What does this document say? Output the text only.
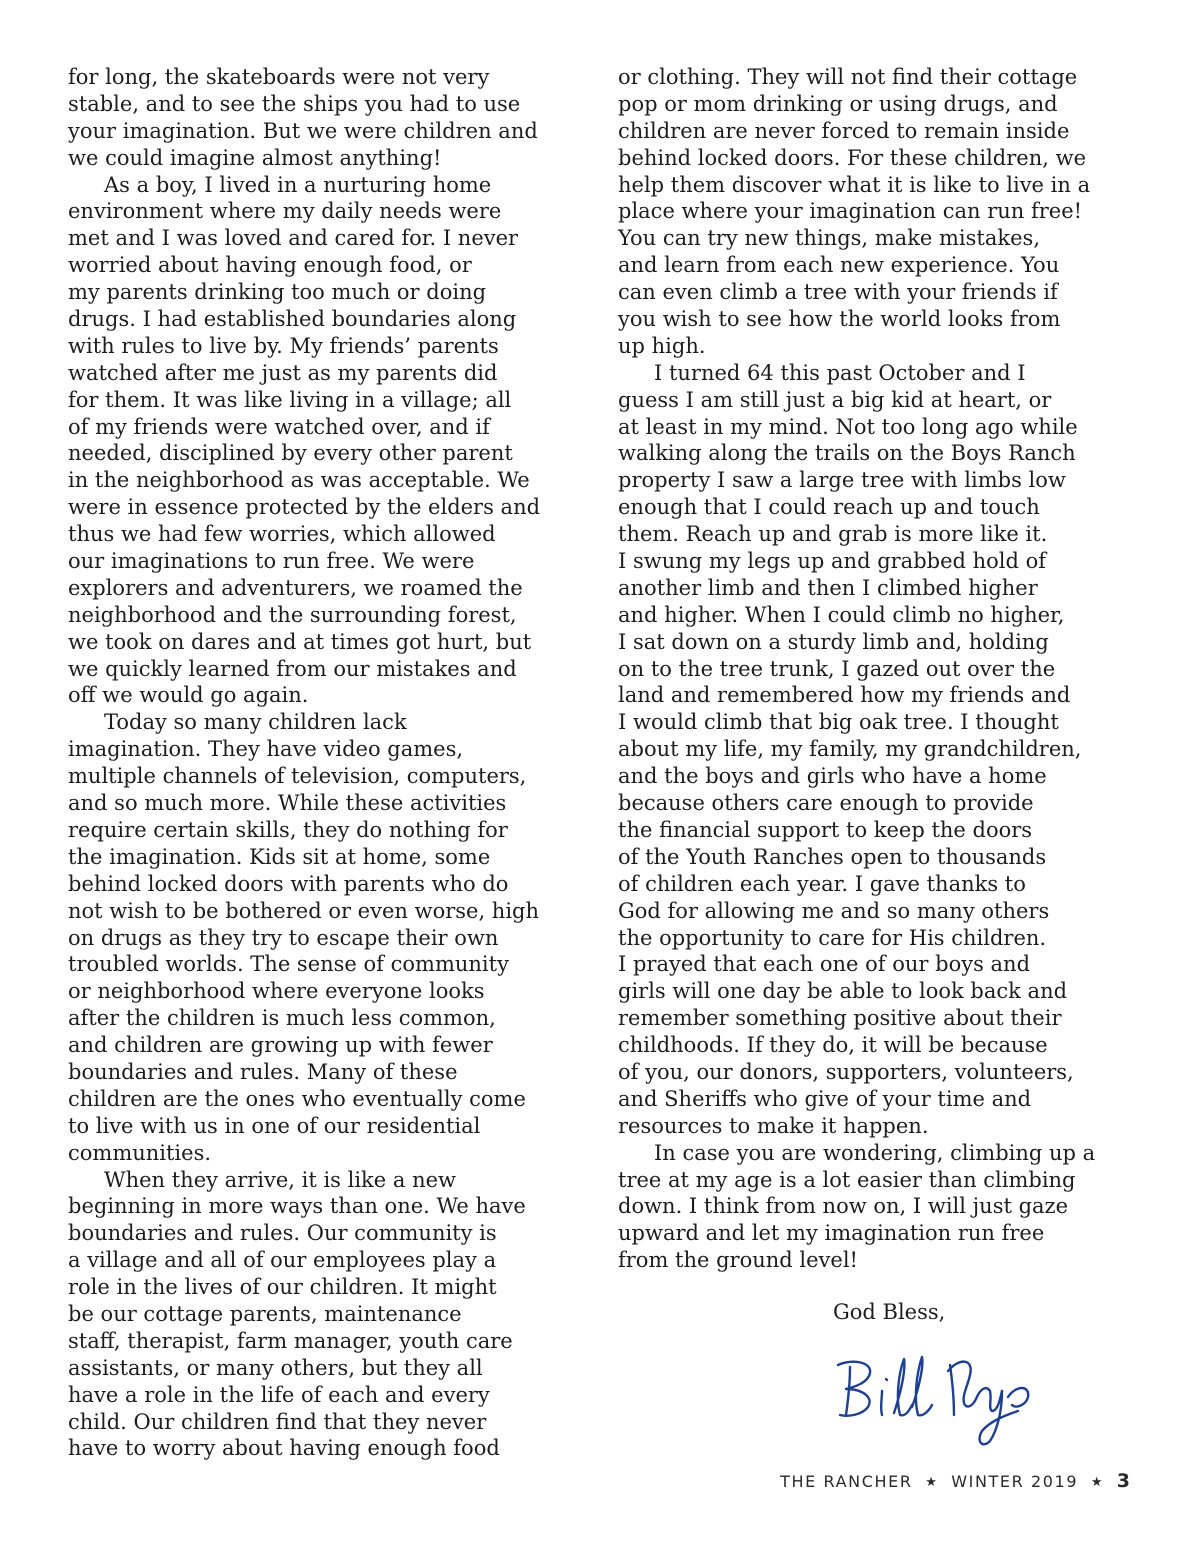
for long, the skateboards were not very
stable, and to see the ships you had to use
your imagination. But we were children and
we could imagine almost anything!
As a boy, I lived in a nurturing home
environment where my daily needs were
met and I was loved and cared for. I never
worried about having enough food, or
my parents drinking too much or doing
drugs. I had established boundaries along
with rules to live by. My friends’ parents
watched after me just as my parents did
for them. It was like living in a village; all
of my friends were watched over, and if
needed, disciplined by every other parent
in the neighborhood as was acceptable. We
were in essence protected by the elders and
thus we had few worries, which allowed
our imaginations to run free. We were
explorers and adventurers, we roamed the
neighborhood and the surrounding forest,
we took on dares and at times got hurt, but
we quickly learned from our mistakes and
off we would go again.
Today so many children lack
imagination. They have video games,
multiple channels of television, computers,
and so much more. While these activities
require certain skills, they do nothing for
the imagination. Kids sit at home, some
behind locked doors with parents who do
not wish to be bothered or even worse, high
on drugs as they try to escape their own
troubled worlds. The sense of community
or neighborhood where everyone looks
after the children is much less common,
and children are growing up with fewer
boundaries and rules. Many of these
children are the ones who eventually come
to live with us in one of our residential
communities.
When they arrive, it is like a new
beginning in more ways than one. We have
boundaries and rules. Our community is
a village and all of our employees play a
role in the lives of our children. It might
be our cottage parents, maintenance
staff, therapist, farm manager, youth care
assistants, or many others, but they all
have a role in the life of each and every
child. Our children find that they never
have to worry about having enough food
or clothing. They will not find their cottage
pop or mom drinking or using drugs, and
children are never forced to remain inside
behind locked doors. For these children, we
help them discover what it is like to live in a
place where your imagination can run free!
You can try new things, make mistakes,
and learn from each new experience. You
can even climb a tree with your friends if
you wish to see how the world looks from
up high.
I turned 64 this past October and I
guess I am still just a big kid at heart, or
at least in my mind. Not too long ago while
walking along the trails on the Boys Ranch
property I saw a large tree with limbs low
enough that I could reach up and touch
them. Reach up and grab is more like it.
I swung my legs up and grabbed hold of
another limb and then I climbed higher
and higher. When I could climb no higher,
I sat down on a sturdy limb and, holding
on to the tree trunk, I gazed out over the
land and remembered how my friends and
I would climb that big oak tree. I thought
about my life, my family, my grandchildren,
and the boys and girls who have a home
because others care enough to provide
the financial support to keep the doors
of the Youth Ranches open to thousands
of children each year. I gave thanks to
God for allowing me and so many others
the opportunity to care for His children.
I prayed that each one of our boys and
girls will one day be able to look back and
remember something positive about their
childhoods. If they do, it will be because
of you, our donors, supporters, volunteers,
and Sheriffs who give of your time and
resources to make it happen.
In case you are wondering, climbing up a
tree at my age is a lot easier than climbing
down. I think from now on, I will just gaze
upward and let my imagination run free
from the ground level!
God Bless,
THE RANCHER ★ WINTER 2019 ★ 3
